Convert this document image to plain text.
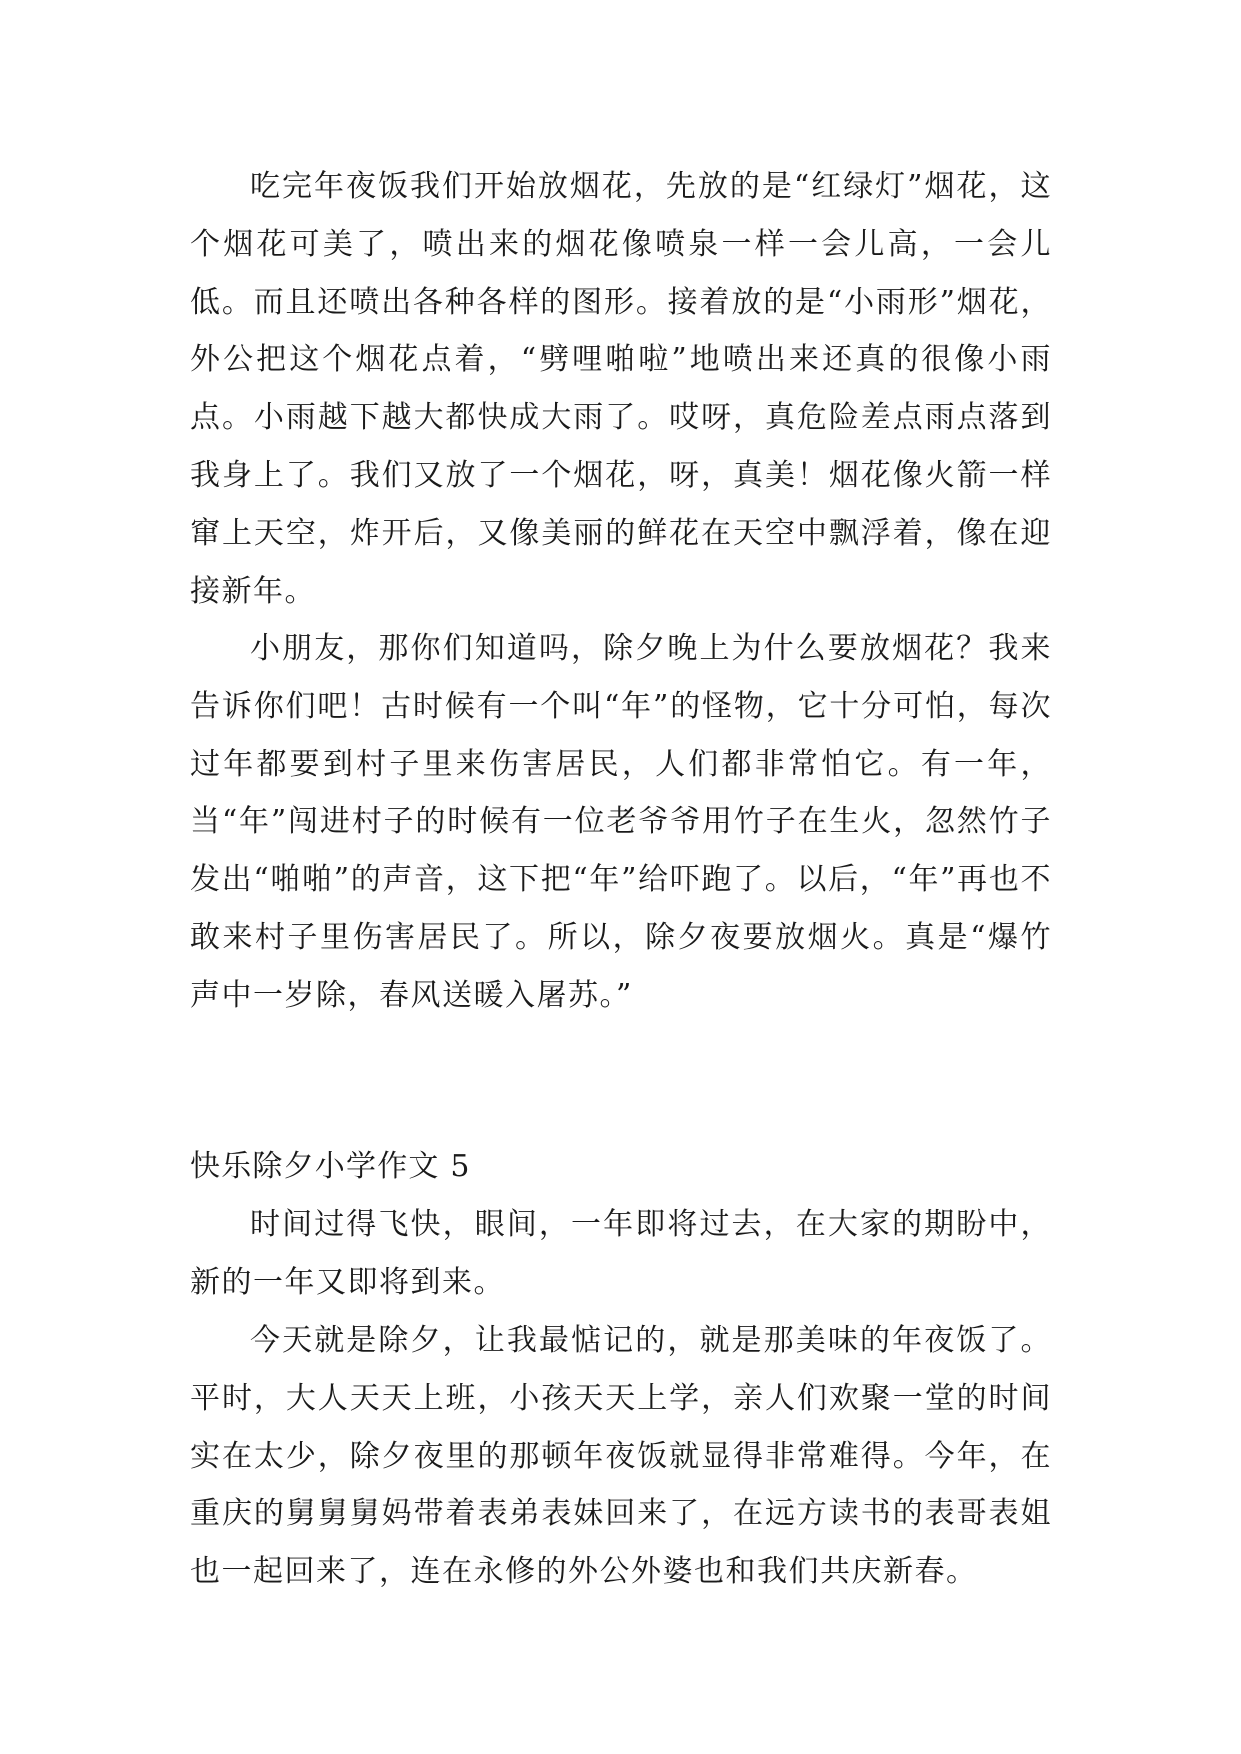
吃完年夜饭我们开始放烟花，先放的是“红绿灯”烟花，这个烟花可美了，喷出来的烟花像喷泉一样一会儿高，一会儿低。而且还喷出各种各样的图形。接着放的是“小雨形”烟花，外公把这个烟花点着，“劈哩啪啦”地喷出来还真的很像小雨点。小雨越下越大都快成大雨了。哎呀，真危险差点雨点落到我身上了。我们又放了一个烟花，呀，真美！烟花像火箭一样窜上天空，炸开后，又像美丽的鲜花在天空中飘浮着，像在迎接新年。

小朋友，那你们知道吗，除夕晚上为什么要放烟花？我来告诉你们吧！古时候有一个叫“年”的怪物，它十分可怕，每次过年都要到村子里来伤害居民，人们都非常怕它。有一年，当“年”闯进村子的时候有一位老爷爷用竹子在生火，忽然竹子发出“啪啪”的声音，这下把“年”给吓跑了。以后，“年”再也不敢来村子里伤害居民了。所以，除夕夜要放烟火。真是“爆竹声中一岁除，春风送暖入屠苏。”

快乐除夕小学作文 5

时间过得飞快，眼间，一年即将过去，在大家的期盼中，新的一年又即将到来。

今天就是除夕，让我最惦记的，就是那美味的年夜饭了。平时，大人天天上班，小孩天天上学，亲人们欢聚一堂的时间实在太少，除夕夜里的那顿年夜饭就显得非常难得。今年，在重庆的舅舅舅妈带着表弟表妹回来了，在远方读书的表哥表姐也一起回来了，连在永修的外公外婆也和我们共庆新春。
